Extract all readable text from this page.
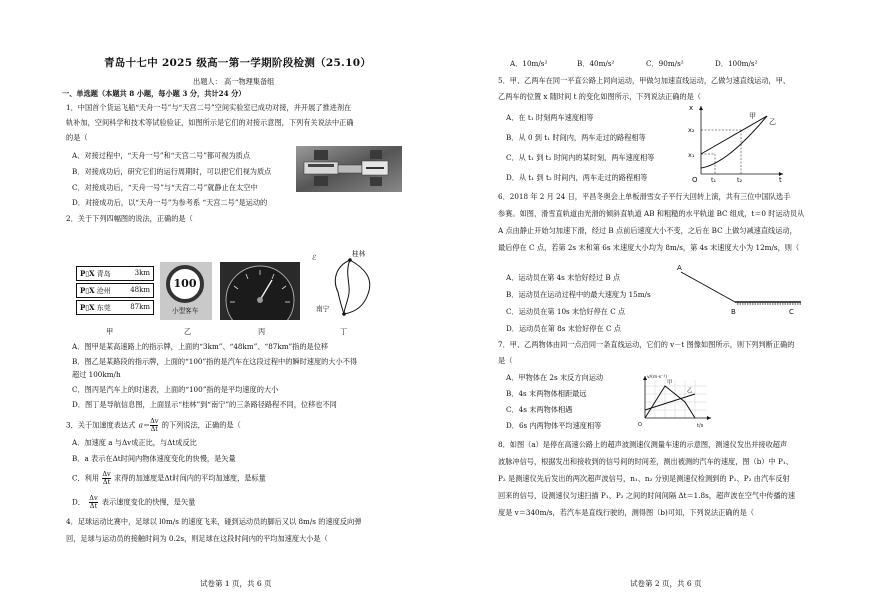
青岛十七中 2025 级高一第一学期阶段检测（25.10）
出题人： 高一物理集备组
一、单选题（本题共 8 小题，每小题 3 分，共计24 分）
1．中国首个货运飞船“天舟一号”与“天宫二号”空间实验室已成功对接，并开展了推进剂在
轨补加，空间科学和技术等试验验证，如图所示是它们的对接示意图，下列有关说法中正确
的是（
A．对接过程中，“天舟一号”和“天宫二号”都可视为质点
B．对接成功后，研究它们的运行周期时，可以把它们视为质点
C．对接成功后，“天舟一号”与“天宫二号”就静止在太空中
D．对接成功后，以“天舟一号”为参考系 “天宫二号”是运动的
2．关于下列四幅图的说法，正确的是（
P▯Ⅹ 青岛	3km
P▯Ⅹ 沧州	48km
P▯Ⅹ 东莞	87km
100
小型客车
ℰ	桂林
南宁
甲	乙	丙	丁
A．图甲是某高速路上的指示牌，上面的“3km”、“48km”、“87km”指的是位移
B．图乙是某路段的指示牌，上面的“100”指的是汽车在这段过程中的瞬时速度的大小不得
超过 100km/h
C．图丙是汽车上的时速表，上面的“100”指的是平均速度的大小
D．图丁是导航信息图，上面显示“桂林”到“南宁”的三条路径路程不同，位移也不同
3．关于加速度表达式 $a= \frac{\Delta v}{\Delta t}$ 的下列说法，正确的是（
A．加速度 a 与Δv成正比，与Δt成反比
B．a 表示在Δt时间内物体速度变化的快慢，是矢量
C．利用 $\frac{\Delta v}{\Delta t}$ 求得的加速度是Δt时间内的平均加速度，是标量
D． $\frac{\Delta v}{\Delta t}$ 表示速度变化的快慢，是矢量
4．足球运动比赛中，足球以 l0m/s 的速度飞来，碰到运动员的脚后又以 8m/s 的速度反向弹
回，足球与运动员的接触时间为 0.2s，则足球在这段时间内的平均加速度大小是（
试卷第 1 页，共 6 页
A．10m/s²	B．40m/s²	C．90m/s²	D．100m/s²
5．甲、乙两车在同一平直公路上同向运动，甲做匀加速直线运动，乙做匀速直线运动，甲、
乙两车的位置 x 随时间 t 的变化如图所示，下列说法正确的是（
A．在 t₁ 时刻两车速度相等
B．从 0 到 t₁ 时间内，两车走过的路程相等
C．从 t₁ 到 t₂ 时间内的某时刻，两车速度相等
D．从 t₁ 到 t₂ 时间内，两车走过的路程相等
x
t
O
x₂
x₁
t₁	t₂
甲
乙
6．2018 年 2 月 24 日，平昌冬奥会上单板滑雪女子平行大回转上演，共有三位中国队选手
参赛。如图，滑雪直轨道由光滑的倾斜直轨道 AB 和粗糙的水平轨道 BC 组成，t＝0 时运动员从
A 点由静止开始匀加速下滑，经过 B 点前后速度大小不变，之后在 BC 上做匀减速直线运动，
最后停在 C 点，若第 2s 末和第 6s 末速度大小均为 8m/s，第 4s 末速度大小为 12m/s，则（
A．运动员在第 4s 末恰好经过 B 点
B．运动员在运动过程中的最大速度为 15m/s
C．运动员在第 10s 末恰好停在 C 点
D．运动员在第 8s 末恰好停在 C 点
A
B	C
7．甲、乙两物体由同一点沿同一条直线运动，它们的 v－t 图像如图所示，则下列判断正确的
是（
A．甲物体在 2s 末反方向运动
B．4s 末两物体相距最远
C．4s 末两物体相遇
D．6s 内两物体平均速度相等
v/(m·s⁻¹)
t/s
O
甲
乙
8．如图（a）是停在高速公路上的超声波测速仪测量车速的示意图，测速仪发出并接收超声
波脉冲信号，根据发出和接收到的信号间的时间差，测出被测的汽车的速度，图（b）中 P₁、
P₂ 是测速仪先后发出的两次超声波信号，n₁、n₂ 分别是测速仪检测到的 P₁、P₂ 由汽车反射
回来的信号，设测速仪匀速扫描 P₁、P₂ 之间的时间间隔 Δt＝1.8s，超声波在空气中传播的速
度是 v＝340m/s，若汽车是直线行驶的，测得图（b)可知，下列说法正确的是（
试卷第 2 页，共 6 页
